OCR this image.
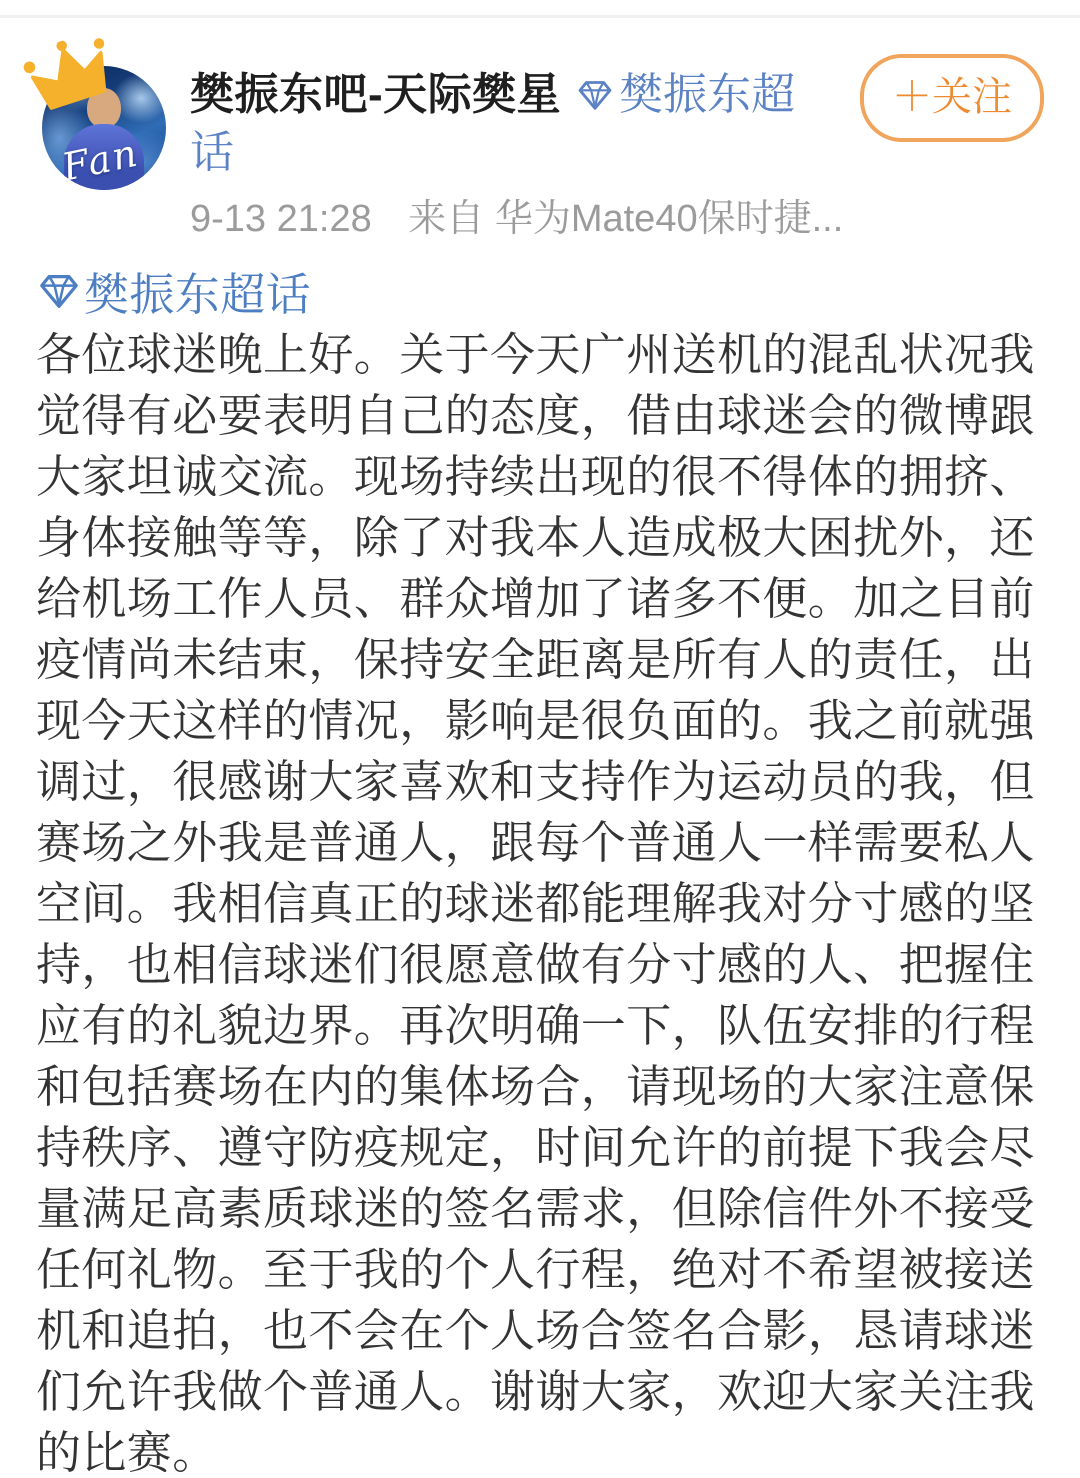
Fan
樊振东吧-天际樊星 樊振东超话
9-13 21:28 来自 华为Mate40保时捷...
＋关注
樊振东超话
各位球迷晚上好。关于今天广州送机的混乱状况我
觉得有必要表明自己的态度，借由球迷会的微博跟
大家坦诚交流。现场持续出现的很不得体的拥挤、
身体接触等等，除了对我本人造成极大困扰外，还
给机场工作人员、群众增加了诸多不便。加之目前
疫情尚未结束，保持安全距离是所有人的责任，出
现今天这样的情况，影响是很负面的。我之前就强
调过，很感谢大家喜欢和支持作为运动员的我，但
赛场之外我是普通人，跟每个普通人一样需要私人
空间。我相信真正的球迷都能理解我对分寸感的坚
持，也相信球迷们很愿意做有分寸感的人、把握住
应有的礼貌边界。再次明确一下，队伍安排的行程
和包括赛场在内的集体场合，请现场的大家注意保
持秩序、遵守防疫规定，时间允许的前提下我会尽
量满足高素质球迷的签名需求，但除信件外不接受
任何礼物。至于我的个人行程，绝对不希望被接送
机和追拍，也不会在个人场合签名合影，恳请球迷
们允许我做个普通人。谢谢大家，欢迎大家关注我
的比赛。
